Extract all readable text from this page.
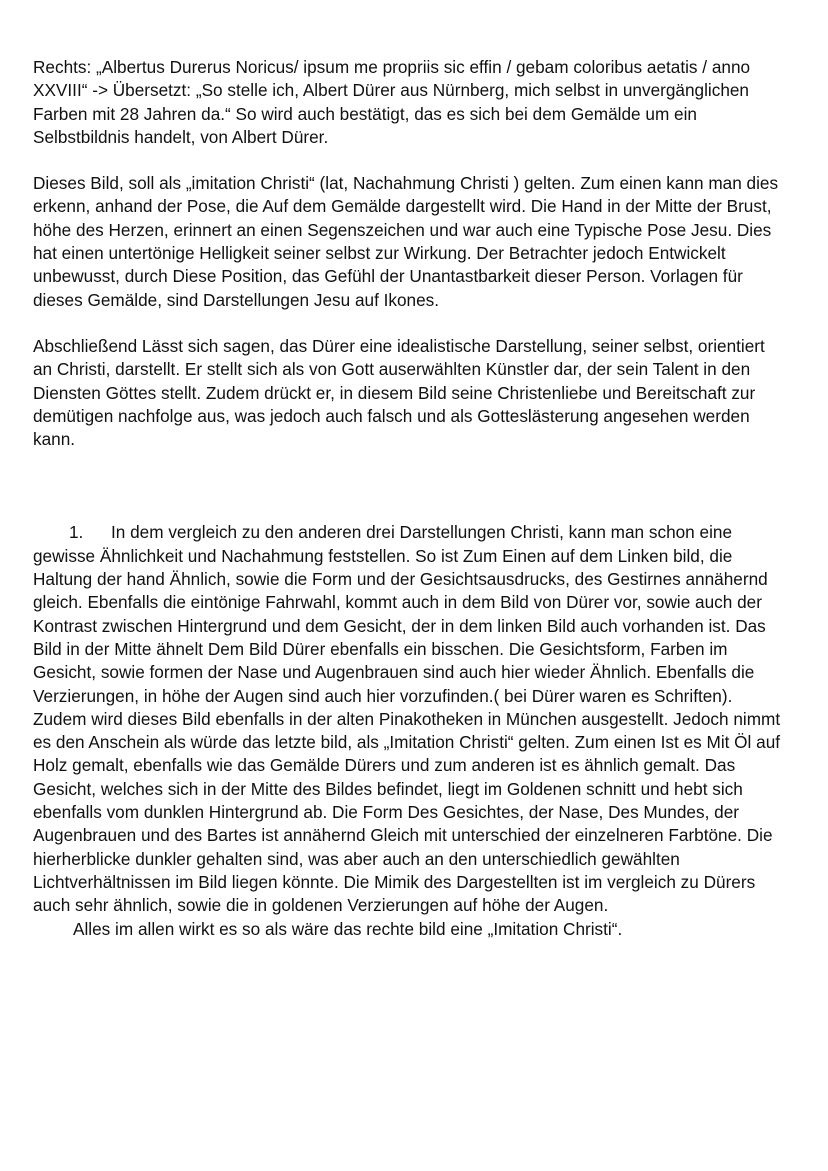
Rechts: „Albertus Durerus Noricus/ ipsum me propriis sic effin / gebam coloribus aetatis / anno XXVIII“ -> Übersetzt: „So stelle ich, Albert Dürer aus Nürnberg, mich selbst in unvergänglichen Farben mit 28 Jahren da.“ So wird auch bestätigt, das es sich bei dem Gemälde um ein Selbstbildnis handelt, von Albert Dürer.

Dieses Bild, soll als „imitation Christi“ (lat, Nachahmung Christi ) gelten. Zum einen kann man dies erkenn, anhand der Pose, die Auf dem Gemälde dargestellt wird. Die Hand in der Mitte der Brust, höhe des Herzen, erinnert an einen Segenszeichen und war auch eine Typische Pose Jesu. Dies hat einen untertönige Helligkeit seiner selbst zur Wirkung. Der Betrachter jedoch Entwickelt unbewusst, durch Diese Position, das Gefühl der Unantastbarkeit dieser Person. Vorlagen für dieses Gemälde, sind Darstellungen Jesu auf Ikones.

Abschließend Lässt sich sagen, das Dürer eine idealistische Darstellung, seiner selbst, orientiert an Christi, darstellt. Er stellt sich als von Gott auserwählten Künstler dar, der sein Talent in den Diensten Göttes stellt. Zudem drückt er, in diesem Bild seine Christenliebe und Bereitschaft zur demütigen nachfolge aus, was jedoch auch falsch und als Gotteslästerung angesehen werden kann.

1. In dem vergleich zu den anderen drei Darstellungen Christi, kann man schon eine gewisse Ähnlichkeit und Nachahmung feststellen. So ist Zum Einen auf dem Linken bild, die Haltung der hand Ähnlich, sowie die Form und der Gesichtsausdrucks, des Gestirnes annähernd gleich. Ebenfalls die eintönige Fahrwahl, kommt auch in dem Bild von Dürer vor, sowie auch der Kontrast zwischen Hintergrund und dem Gesicht, der in dem linken Bild auch vorhanden ist. Das Bild in der Mitte ähnelt Dem Bild Dürer ebenfalls ein bisschen. Die Gesichtsform, Farben im Gesicht, sowie formen der Nase und Augenbrauen sind auch hier wieder Ähnlich. Ebenfalls die Verzierungen, in höhe der Augen sind auch hier vorzufinden.( bei Dürer waren es Schriften). Zudem wird dieses Bild ebenfalls in der alten Pinakotheken in München ausgestellt. Jedoch nimmt es den Anschein als würde das letzte bild, als „Imitation Christi“ gelten. Zum einen Ist es Mit Öl auf Holz gemalt, ebenfalls wie das Gemälde Dürers und zum anderen ist es ähnlich gemalt. Das Gesicht, welches sich in der Mitte des Bildes befindet, liegt im Goldenen schnitt und hebt sich ebenfalls vom dunklen Hintergrund ab. Die Form Des Gesichtes, der Nase, Des Mundes, der Augenbrauen und des Bartes ist annähernd Gleich mit unterschied der einzelneren Farbtöne. Die hierherblicke dunkler gehalten sind, was aber auch an den unterschiedlich gewählten Lichtverhältnissen im Bild liegen könnte. Die Mimik des Dargestellten ist im vergleich zu Dürers auch sehr ähnlich, sowie die in goldenen Verzierungen auf höhe der Augen.

Alles im allen wirkt es so als wäre das rechte bild eine „Imitation Christi“.
